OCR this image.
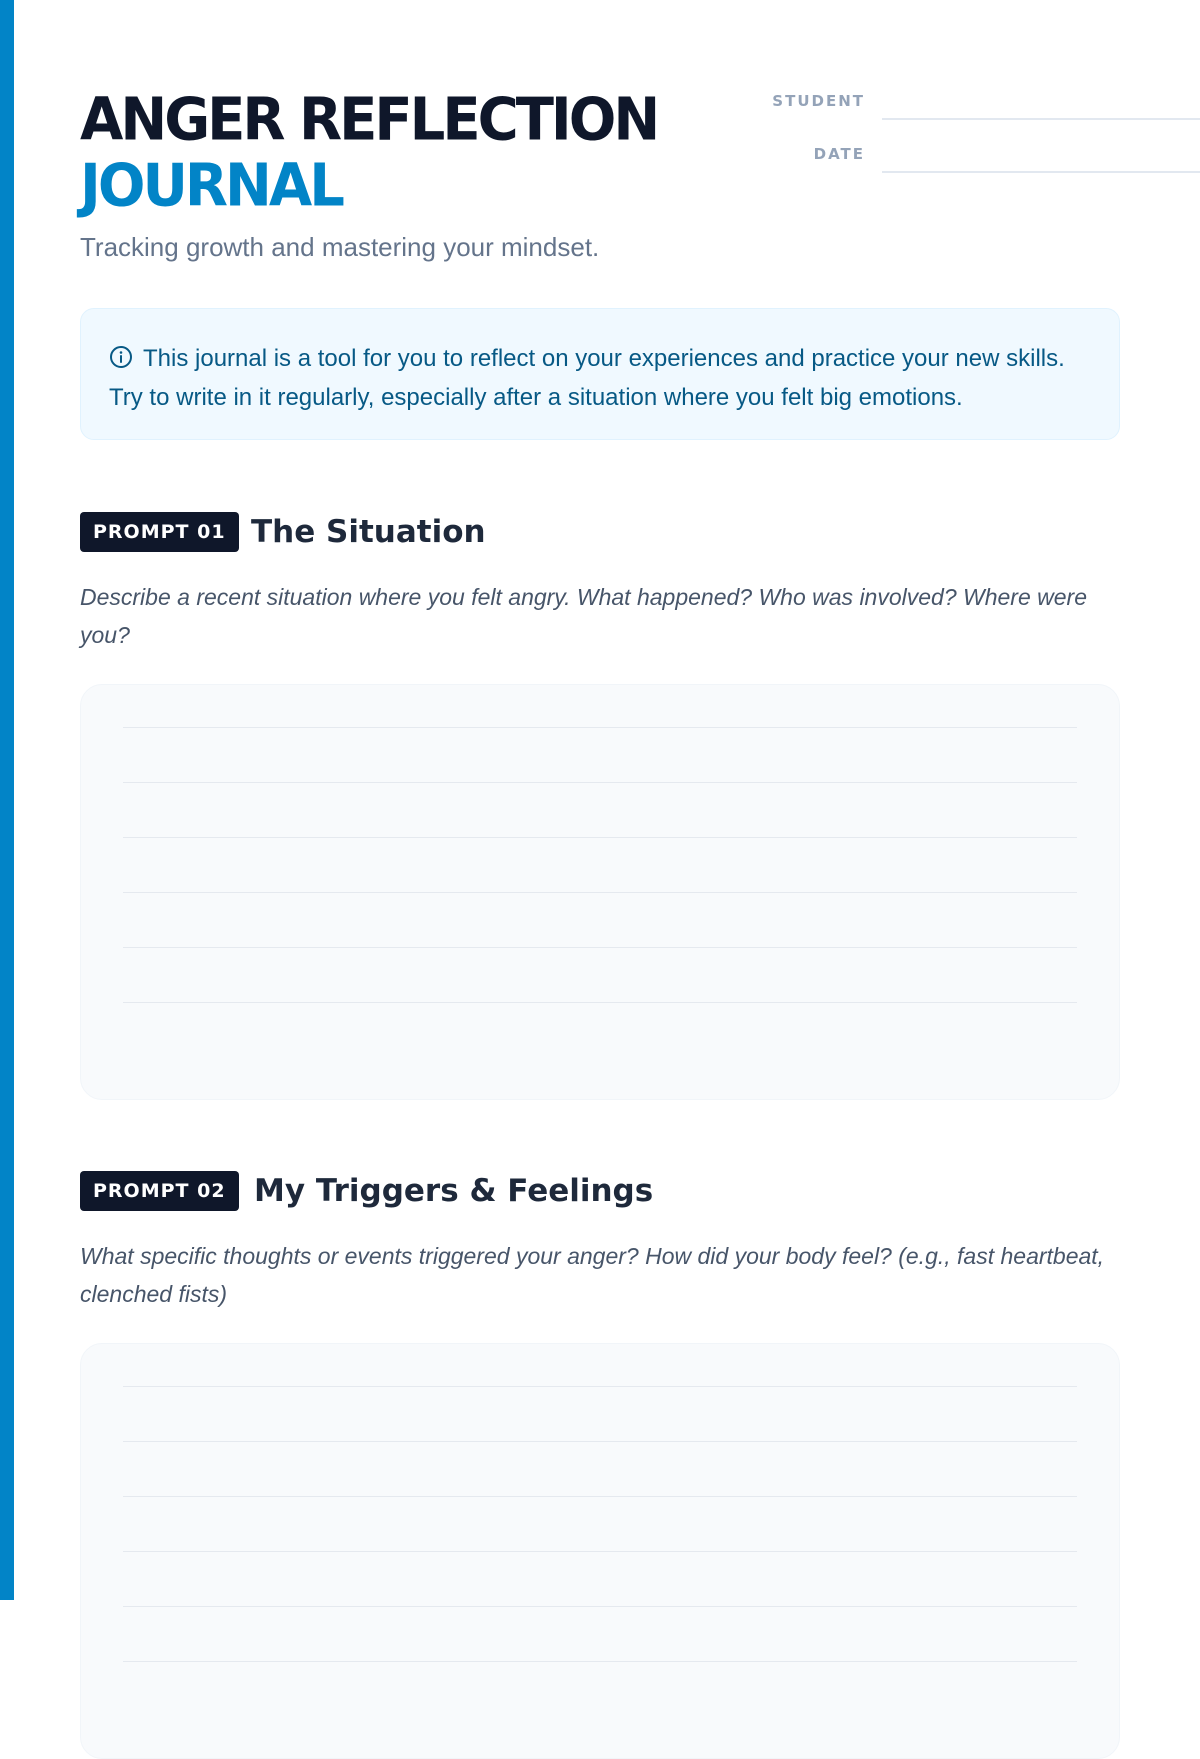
ANGER REFLECTION
JOURNAL
Tracking growth and mastering your mindset.
STUDENT
DATE
This journal is a tool for you to reflect on your experiences and practice your new skills. Try to write in it regularly, especially after a situation where you felt big emotions.
PROMPT 01 The Situation
Describe a recent situation where you felt angry. What happened? Who was involved? Where were you?
PROMPT 02 My Triggers & Feelings
What specific thoughts or events triggered your anger? How did your body feel? (e.g., fast heartbeat, clenched fists)
